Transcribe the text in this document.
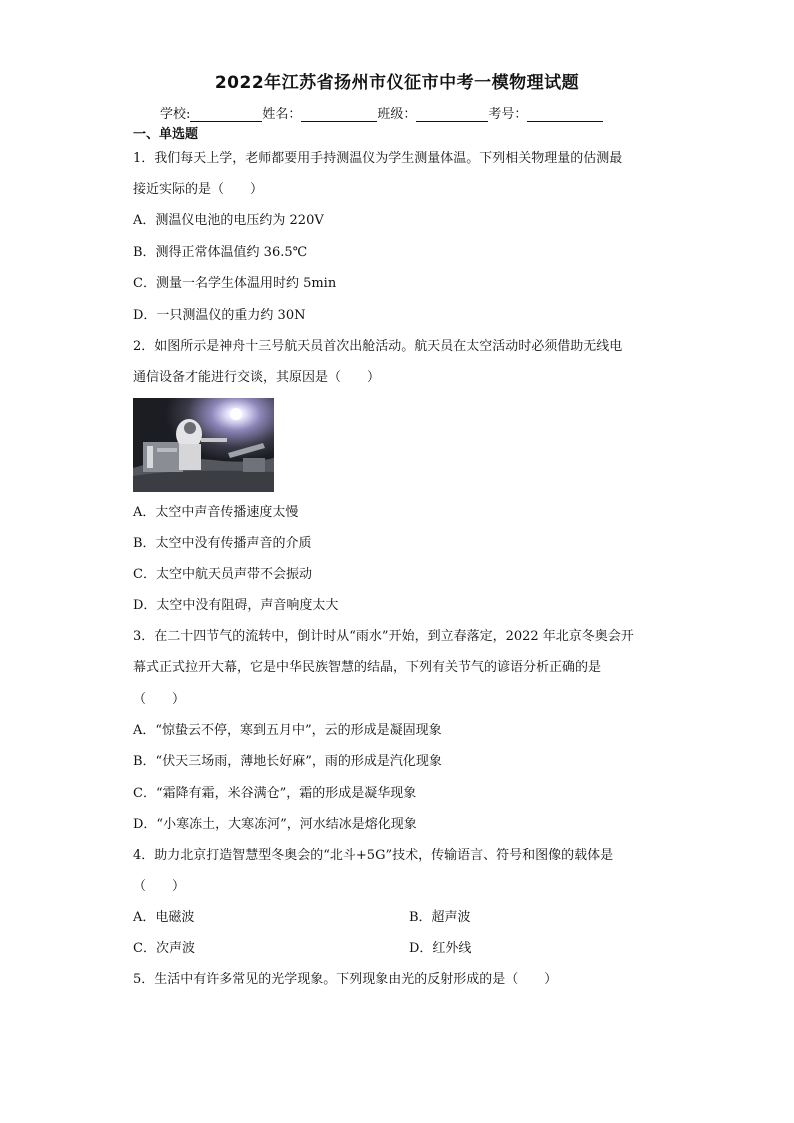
2022年江苏省扬州市仪征市中考一模物理试题
学校:	姓名：	班级：	考号：
一、单选题
1．我们每天上学，老师都要用手持测温仪为学生测量体温。下列相关物理量的估测最
接近实际的是（　　）
A．测温仪电池的电压约为 220V
B．测得正常体温值约 36.5℃
C．测量一名学生体温用时约 5min
D．一只测温仪的重力约 30N
2．如图所示是神舟十三号航天员首次出舱活动。航天员在太空活动时必须借助无线电
通信设备才能进行交谈，其原因是（　　）
A．太空中声音传播速度太慢
B．太空中没有传播声音的介质
C．太空中航天员声带不会振动
D．太空中没有阻碍，声音响度太大
3．在二十四节气的流转中，倒计时从“雨水”开始，到立春落定，2022 年北京冬奥会开
幕式正式拉开大幕，它是中华民族智慧的结晶，下列有关节气的谚语分析正确的是
（　　）
A．“惊蛰云不停，寒到五月中”，云的形成是凝固现象
B．“伏天三场雨，薄地长好麻”，雨的形成是汽化现象
C．“霜降有霜，米谷满仓”，霜的形成是凝华现象
D．“小寒冻土，大寒冻河”，河水结冰是熔化现象
4．助力北京打造智慧型冬奥会的“北斗+5G”技术，传输语言、符号和图像的载体是
（　　）
A．电磁波	B．超声波
C．次声波	D．红外线
5．生活中有许多常见的光学现象。下列现象由光的反射形成的是（　　）
